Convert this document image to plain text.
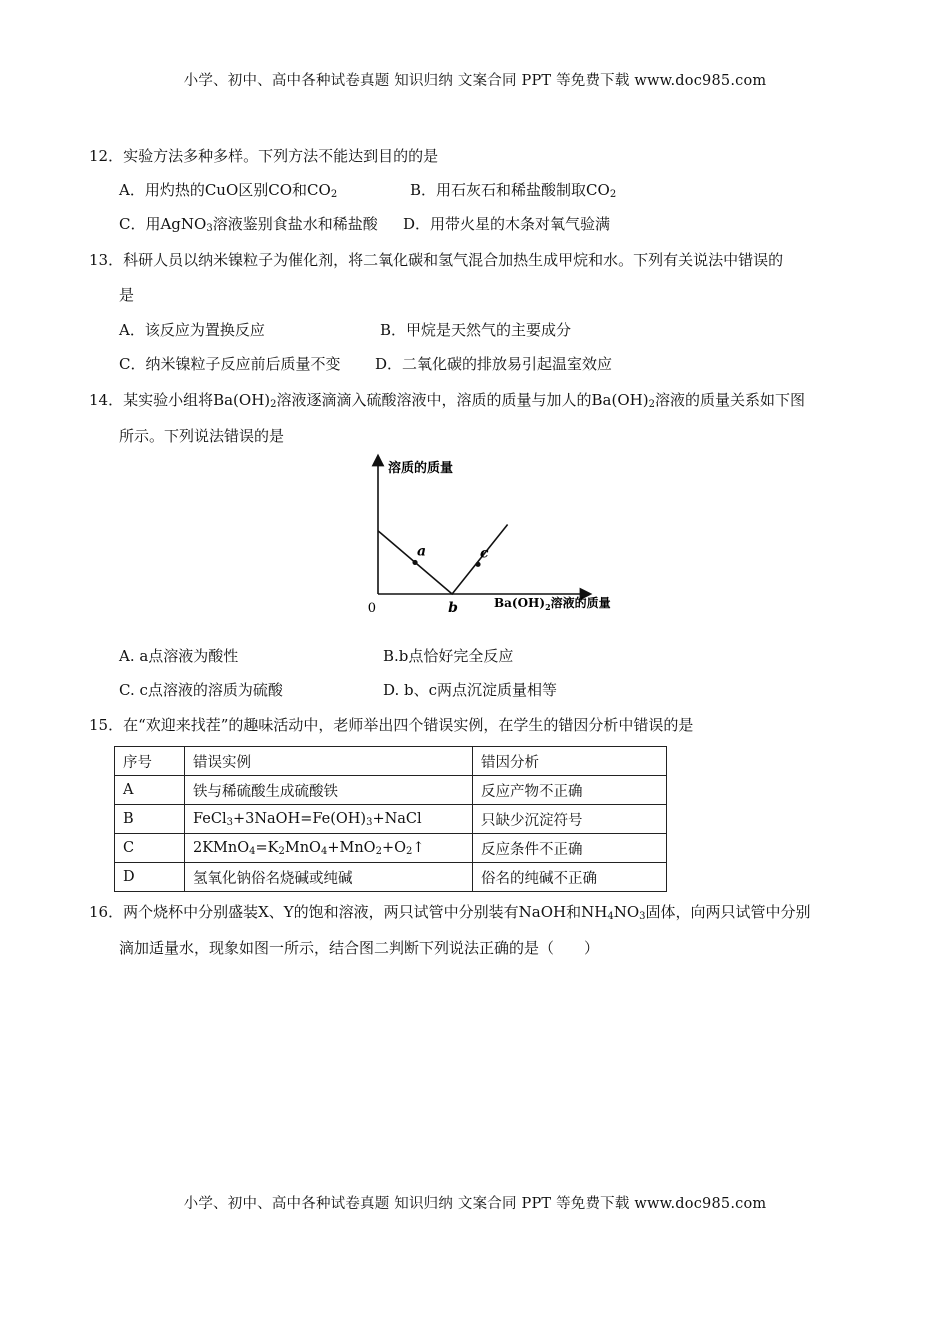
小学、初中、高中各种试卷真题 知识归纳 文案合同 PPT 等免费下载 www.doc985.com
12．实验方法多种多样。下列方法不能达到目的的是
A．用灼热的CuO区别CO和$CO_2$	B．用石灰石和稀盐酸制取$CO_2$
C．用AgNO$_3$溶液鉴别食盐水和稀盐酸 D．用带火星的木条对氧气验满
13．科研人员以纳米镍粒子为催化剂，将二氧化碳和氢气混合加热生成甲烷和水。下列有关说法中错误的
是
A．该反应为置换反应	B．甲烷是天然气的主要成分
C．纳米镍粒子反应前后质量不变 D．二氧化碳的排放易引起温室效应
14．某实验小组将$Ba(OH)_2$溶液逐滴滴入硫酸溶液中，溶质的质量与加人的$Ba(OH)_2$溶液的质量关系如下图
所示。下列说法错误的是
溶质的质量
0	$Ba(OH)_2$溶液的质量
a
b
c
A. a点溶液为酸性	B.b点恰好完全反应
C. c点溶液的溶质为硫酸	D. b、c两点沉淀质量相等
15．在“欢迎来找茬”的趣味活动中，老师举出四个错误实例，在学生的错因分析中错误的是
序号	错误实例	错因分析
A	铁与稀硫酸生成硫酸铁	反应产物不正确
B	$FeCl_3+3NaOH=Fe(OH)_3+NaCl$	只缺少沉淀符号
C	$2KMnO_4=K_2MnO_4+MnO_2+O_2↑$	反应条件不正确
D	氢氧化钠俗名烧碱或纯碱	俗名的纯碱不正确
16．两个烧杯中分别盛装X、Y的饱和溶液，两只试管中分别装有NaOH和$NH_4NO_3$固体，向两只试管中分别
滴加适量水，现象如图一所示，结合图二判断下列说法正确的是（　　）
小学、初中、高中各种试卷真题 知识归纳 文案合同 PPT 等免费下载 www.doc985.com
